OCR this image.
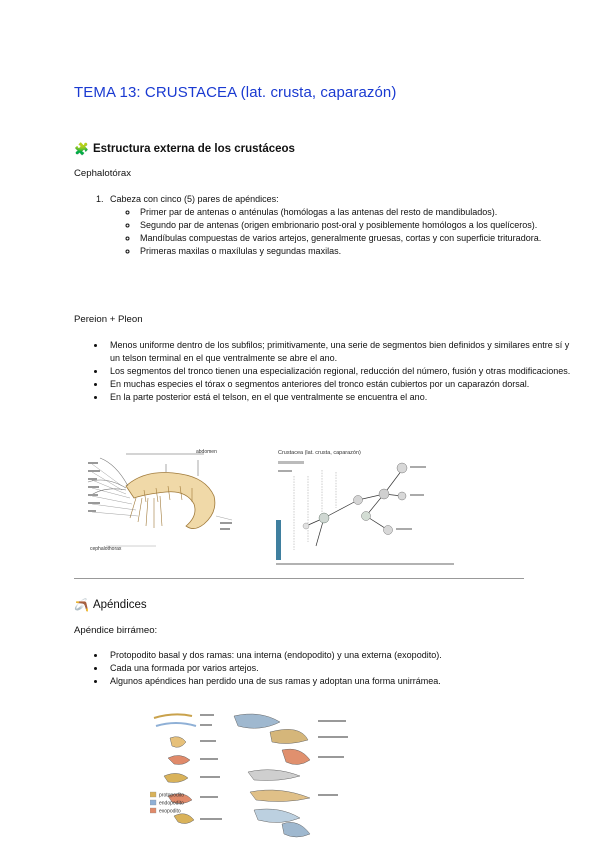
TEMA 13: CRUSTACEA (lat. crusta, caparazón)
🧩 Estructura externa de los crustáceos
Cephalotórax
1. Cabeza con cinco (5) pares de apéndices:
◦ Primer par de antenas o anténulas (homólogas a las antenas del resto de mandibulados).
◦ Segundo par de antenas (origen embrionario post-oral y posiblemente homólogos a los quelíceros).
◦ Mandíbulas compuestas de varios artejos, generalmente gruesas, cortas y con superficie trituradora.
◦ Primeras maxilas o maxílulas y segundas maxilas.
Pereion + Pleon
• Menos uniforme dentro de los subfilos; primitivamente, una serie de segmentos bien definidos y similares entre sí y un telson terminal en el que ventralmente se abre el ano.
• Los segmentos del tronco tienen una especialización regional, reducción del número, fusión y otras modificaciones.
• En muchas especies el tórax o segmentos anteriores del tronco están cubiertos por un caparazón dorsal.
• En la parte posterior está el telson, en el que ventralmente se encuentra el ano.
abdomen
cephalothorax
Crustacea (lat. crusta, caparazón)
🪃 Apéndices
Apéndice birrámeo:
• Protopodito basal y dos ramas: una interna (endopodito) y una externa (exopodito).
• Cada una formada por varios artejos.
• Algunos apéndices han perdido una de sus ramas y adoptan una forma unirrámea.
protopodito
endopodito
exopodito
